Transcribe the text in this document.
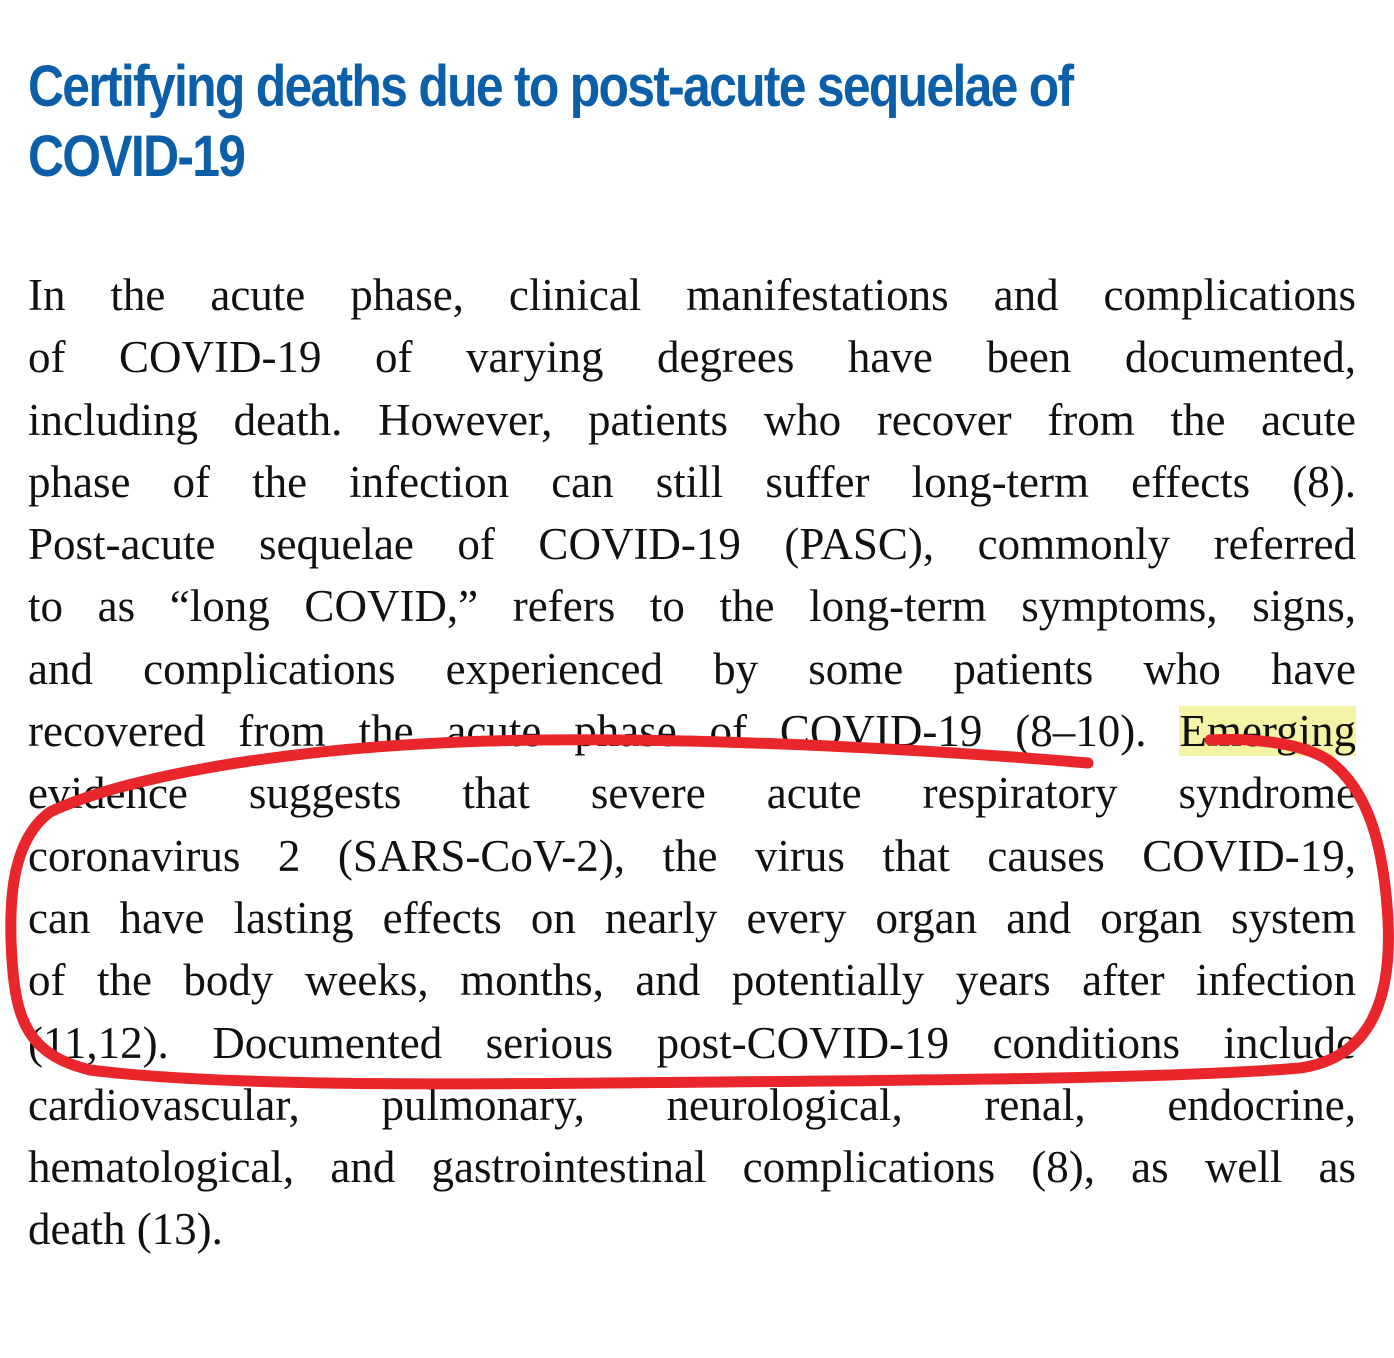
Certifying deaths due to post-acute sequelae of
COVID-19
In the acute phase, clinical manifestations and complications
of COVID-19 of varying degrees have been documented,
including death. However, patients who recover from the acute
phase of the infection can still suffer long-term effects (8).
Post-acute sequelae of COVID-19 (PASC), commonly referred
to as “long COVID,” refers to the long-term symptoms, signs,
and complications experienced by some patients who have
recovered from the acute phase of COVID-19 (8–10). Emerging
evidence suggests that severe acute respiratory syndrome
coronavirus 2 (SARS-CoV-2), the virus that causes COVID-19,
can have lasting effects on nearly every organ and organ system
of the body weeks, months, and potentially years after infection
(11,12). Documented serious post-COVID-19 conditions include
cardiovascular, pulmonary, neurological, renal, endocrine,
hematological, and gastrointestinal complications (8), as well as
death (13).
